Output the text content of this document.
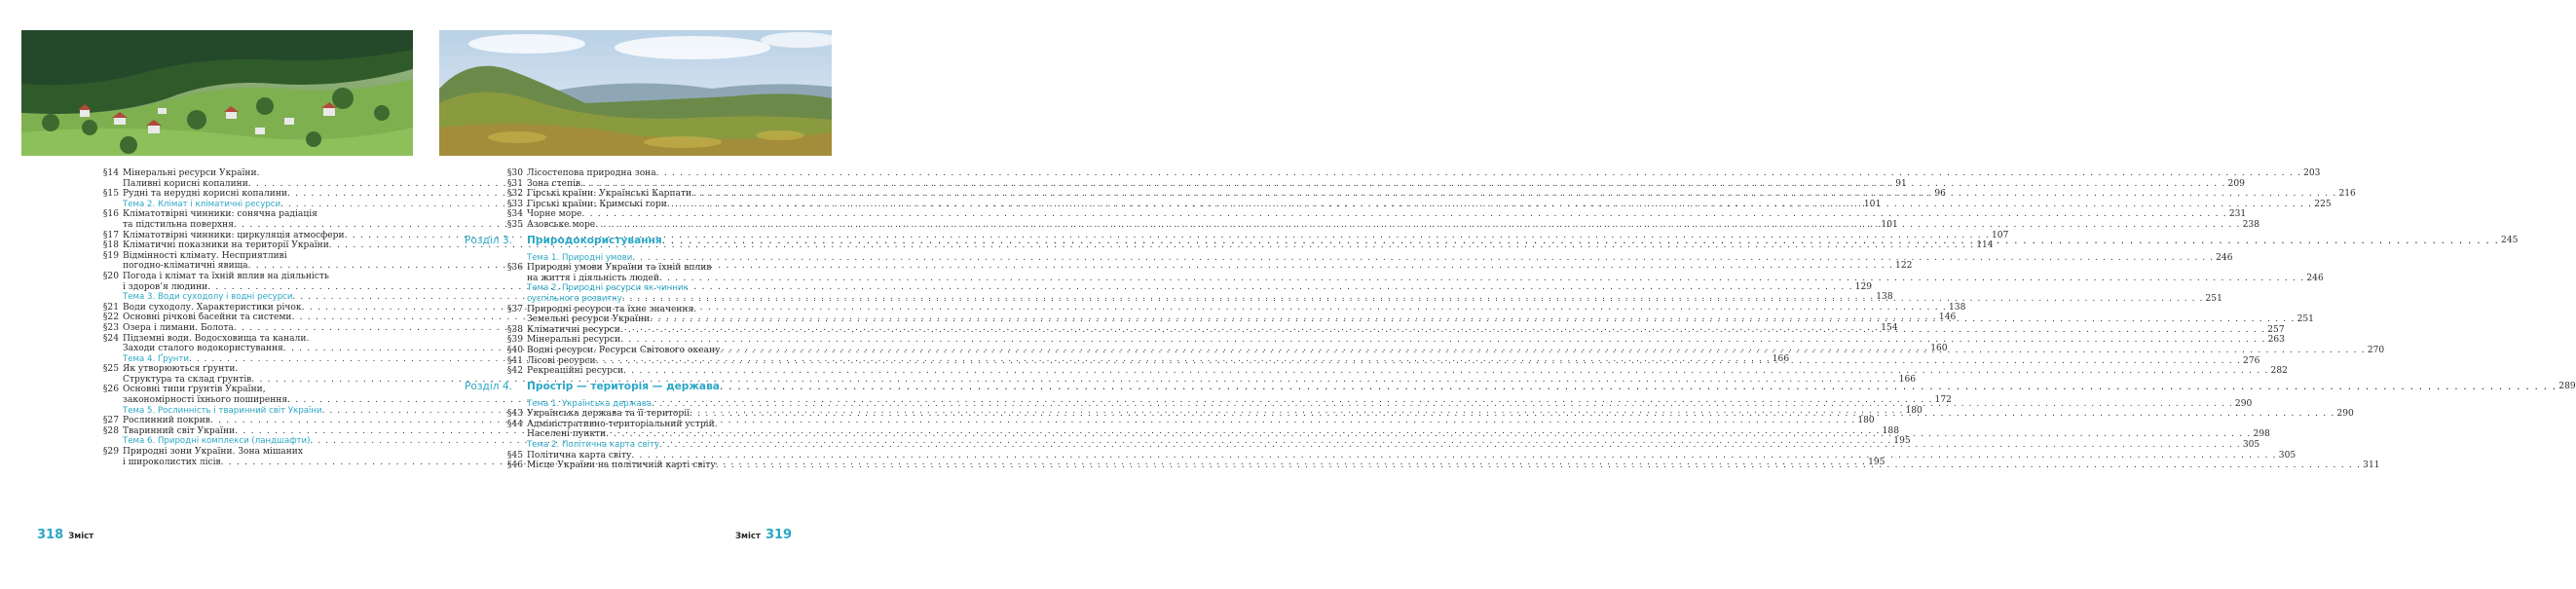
§14 Мінеральні ресурси України.
Паливні корисні копалини . . .	91
§15 Рудні та нерудні корисні копалини . . .	96
Тема 2. Клімат і кліматичні ресурси . . .	101
§16 Кліматотвірні чинники: сонячна радіація
та підстильна поверхня . . .	101
§17 Кліматотвірні чинники: циркуляція атмосфери . . .	107
§18 Кліматичні показники на території України . . .	114
§19 Відмінності клімату. Несприятливі
погодно-кліматичні явища . . .	122
§20 Погода і клімат та їхній вплив на діяльність
і здоров’я людини . . .	129
Тема 3. Води суходолу і водні ресурси . . .	138
§21 Води суходолу. Характеристики річок . . .	138
§22 Основні річкові басейни та системи . . .	146
§23 Озера і лимани. Болота . . .	154
§24 Підземні води. Водосховища та канали.
Заходи сталого водокористування . . .	160
Тема 4. Ґрунти . . .	166
§25 Як утворюються ґрунти.
Структура та склад ґрунтів . . .	166
§26 Основні типи ґрунтів України,
закономірності їхнього поширення . . .	172
Тема 5. Рослинність і тваринний світ України . . .	180
§27 Рослинний покрив . . .	180
§28 Тваринний світ України . . .	188
Тема 6. Природні комплекси (ландшафти) . . .	195
§29 Природні зони України. Зона мішаних
і широколистих лісів . . .	195
§30 Лісостепова природна зона . . .	203
§31 Зона степів . . .	209
§32 Гірські країни: Українські Карпати . . .	216
§33 Гірські країни: Кримські гори . . .	225
§34 Чорне море . . .	231
§35 Азовське море . . .	238
Розділ 3.	Природокористування . . .	245
Тема 1. Природні умови . . .	246
§36 Природні умови України та їхній вплив
на життя і діяльність людей . . .	246
Тема 2. Природні ресурси як чинник
суспільного розвитку . . .	251
§37 Природні ресурси та їхнє значення.
Земельні ресурси України . . .	251
§38 Кліматичні ресурси . . .	257
§39 Мінеральні ресурси . . .	263
§40 Водні ресурси. Ресурси Світового океану . . .	270
§41 Лісові ресурси . . .	276
§42 Рекреаційні ресурси . . .	282
Розділ 4.	Простір — територія — держава . . .	289
Тема 1. Українська держава . . .	290
§43 Українська держава та її території . . .	290
§44 Адміністративно-територіальний устрій.
Населені пункти . . .	298
Тема 2. Політична карта світу . . .	305
§45 Політична карта світу . . .	305
§46 Місце України на політичній карті світу . . .	311
318 Зміст	Зміст 319
